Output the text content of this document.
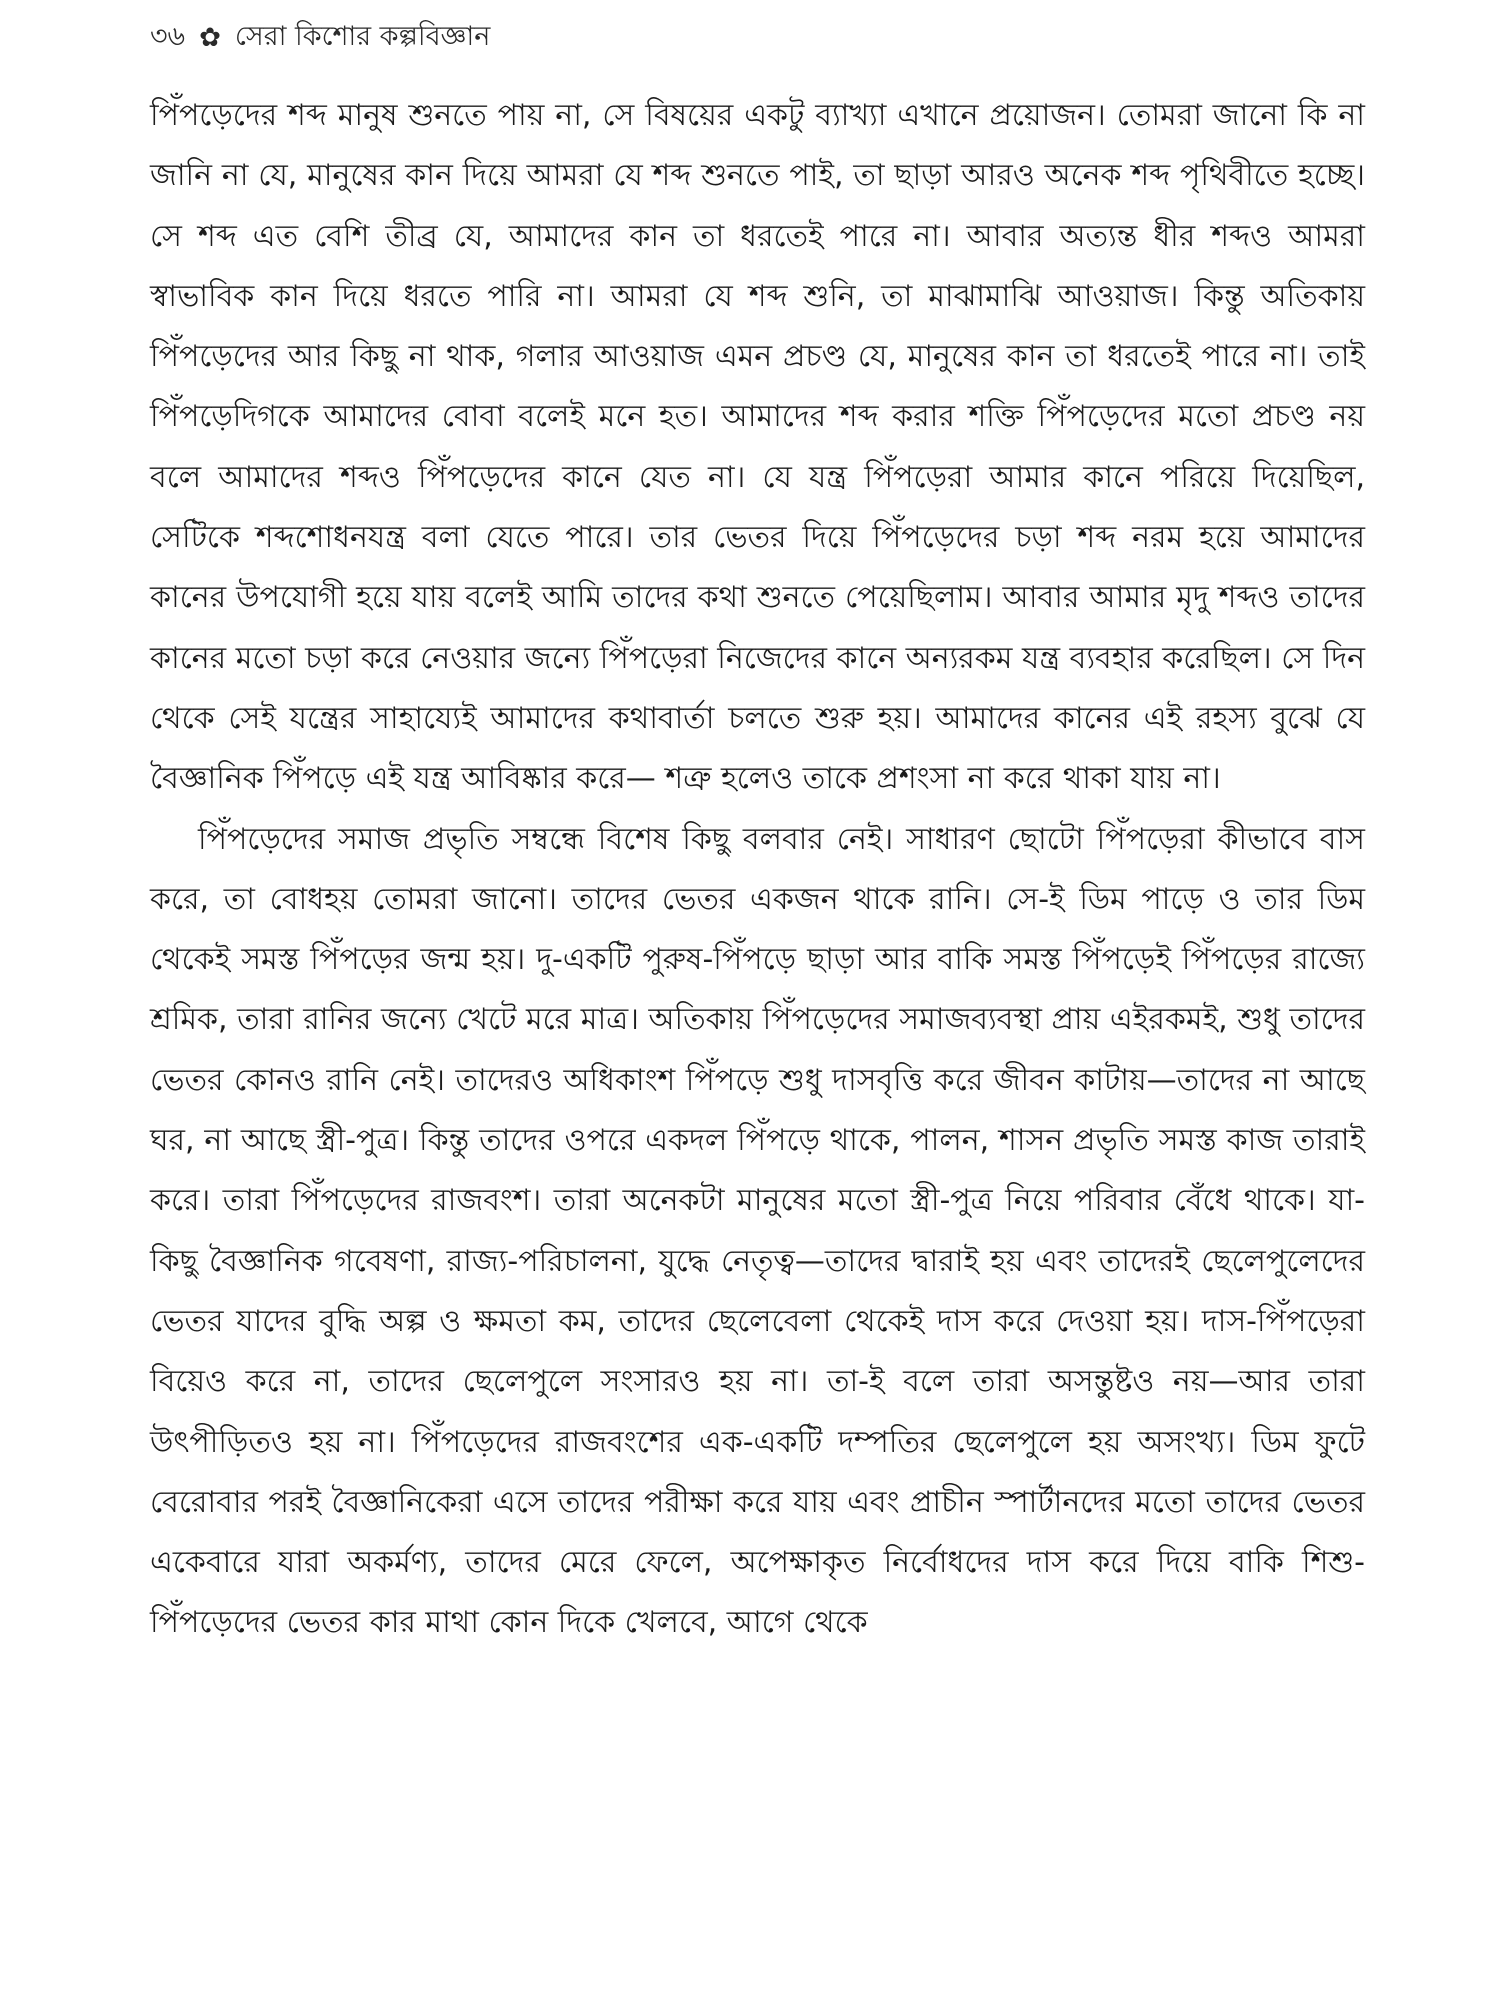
৩৬ ✿ সেরা কিশোর কল্পবিজ্ঞান

পিঁপড়েদের শব্দ মানুষ শুনতে পায় না, সে বিষয়ের একটু ব্যাখ্যা এখানে প্রয়োজন। তোমরা জানো কি না জানি না যে, মানুষের কান দিয়ে আমরা যে শব্দ শুনতে পাই, তা ছাড়া আরও অনেক শব্দ পৃথিবীতে হচ্ছে। সে শব্দ এত বেশি তীব্র যে, আমাদের কান তা ধরতেই পারে না। আবার অত্যন্ত ধীর শব্দও আমরা স্বাভাবিক কান দিয়ে ধরতে পারি না। আমরা যে শব্দ শুনি, তা মাঝামাঝি আওয়াজ। কিন্তু অতিকায় পিঁপড়েদের আর কিছু না থাক, গলার আওয়াজ এমন প্রচণ্ড যে, মানুষের কান তা ধরতেই পারে না। তাই পিঁপড়েদিগকে আমাদের বোবা বলেই মনে হত। আমাদের শব্দ করার শক্তি পিঁপড়েদের মতো প্রচণ্ড নয় বলে আমাদের শব্দও পিঁপড়েদের কানে যেত না। যে যন্ত্র পিঁপড়েরা আমার কানে পরিয়ে দিয়েছিল, সেটিকে শব্দশোধনযন্ত্র বলা যেতে পারে। তার ভেতর দিয়ে পিঁপড়েদের চড়া শব্দ নরম হয়ে আমাদের কানের উপযোগী হয়ে যায় বলেই আমি তাদের কথা শুনতে পেয়েছিলাম। আবার আমার মৃদু শব্দও তাদের কানের মতো চড়া করে নেওয়ার জন্যে পিঁপড়েরা নিজেদের কানে অন্যরকম যন্ত্র ব্যবহার করেছিল। সে দিন থেকে সেই যন্ত্রের সাহায্যেই আমাদের কথাবার্তা চলতে শুরু হয়। আমাদের কানের এই রহস্য বুঝে যে বৈজ্ঞানিক পিঁপড়ে এই যন্ত্র আবিষ্কার করে— শত্রু হলেও তাকে প্রশংসা না করে থাকা যায় না।

পিঁপড়েদের সমাজ প্রভৃতি সম্বন্ধে বিশেষ কিছু বলবার নেই। সাধারণ ছোটো পিঁপড়েরা কীভাবে বাস করে, তা বোধহয় তোমরা জানো। তাদের ভেতর একজন থাকে রানি। সে-ই ডিম পাড়ে ও তার ডিম থেকেই সমস্ত পিঁপড়ের জন্ম হয়। দু-একটি পুরুষ-পিঁপড়ে ছাড়া আর বাকি সমস্ত পিঁপড়েই পিঁপড়ের রাজ্যে শ্রমিক, তারা রানির জন্যে খেটে মরে মাত্র। অতিকায় পিঁপড়েদের সমাজব্যবস্থা প্রায় এইরকমই, শুধু তাদের ভেতর কোনও রানি নেই। তাদেরও অধিকাংশ পিঁপড়ে শুধু দাসবৃত্তি করে জীবন কাটায়—তাদের না আছে ঘর, না আছে স্ত্রী-পুত্র। কিন্তু তাদের ওপরে একদল পিঁপড়ে থাকে, পালন, শাসন প্রভৃতি সমস্ত কাজ তারাই করে। তারা পিঁপড়েদের রাজবংশ। তারা অনেকটা মানুষের মতো স্ত্রী-পুত্র নিয়ে পরিবার বেঁধে থাকে। যা-কিছু বৈজ্ঞানিক গবেষণা, রাজ্য-পরিচালনা, যুদ্ধে নেতৃত্ব—তাদের দ্বারাই হয় এবং তাদেরই ছেলেপুলেদের ভেতর যাদের বুদ্ধি অল্প ও ক্ষমতা কম, তাদের ছেলেবেলা থেকেই দাস করে দেওয়া হয়। দাস-পিঁপড়েরা বিয়েও করে না, তাদের ছেলেপুলে সংসারও হয় না। তা-ই বলে তারা অসন্তুষ্টও নয়—আর তারা উৎপীড়িতও হয় না। পিঁপড়েদের রাজবংশের এক-একটি দম্পতির ছেলেপুলে হয় অসংখ্য। ডিম ফুটে বেরোবার পরই বৈজ্ঞানিকেরা এসে তাদের পরীক্ষা করে যায় এবং প্রাচীন স্পার্টানদের মতো তাদের ভেতর একেবারে যারা অকর্মণ্য, তাদের মেরে ফেলে, অপেক্ষাকৃত নির্বোধদের দাস করে দিয়ে বাকি শিশু-পিঁপড়েদের ভেতর কার মাথা কোন দিকে খেলবে, আগে থেকে
